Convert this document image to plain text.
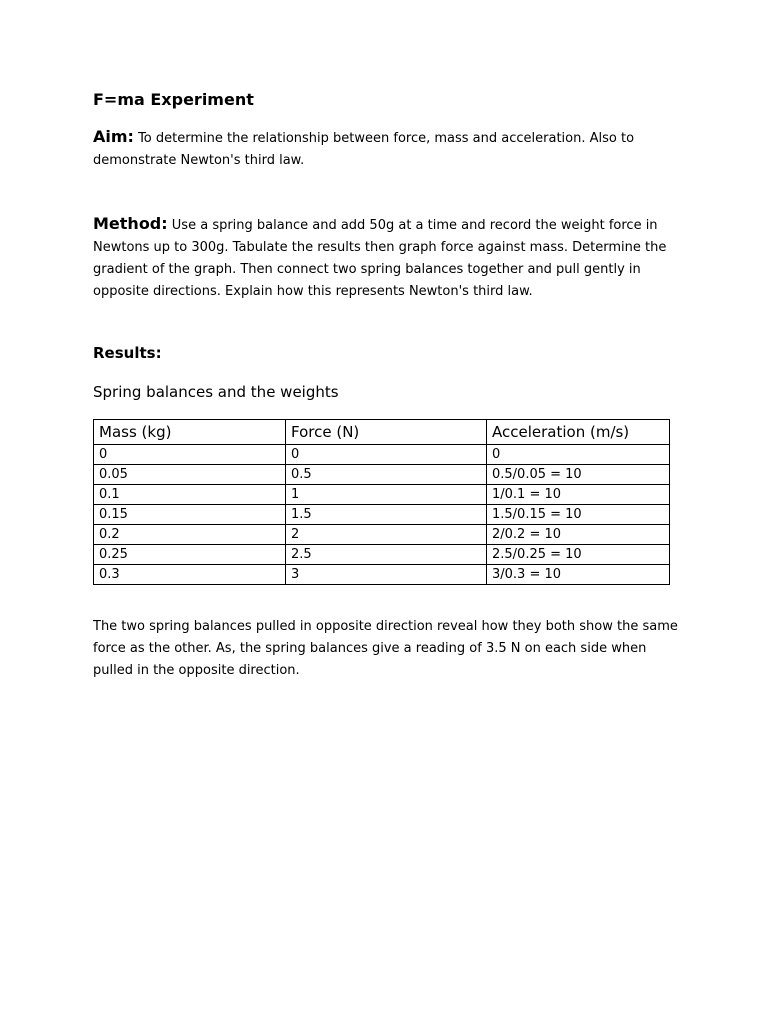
F=ma Experiment

Aim: To determine the relationship between force, mass and acceleration. Also to demonstrate Newton's third law.

Method: Use a spring balance and add 50g at a time and record the weight force in Newtons up to 300g. Tabulate the results then graph force against mass. Determine the gradient of the graph. Then connect two spring balances together and pull gently in opposite directions. Explain how this represents Newton's third law.

Results:

Spring balances and the weights

Mass (kg)	Force (N)	Acceleration (m/s)
0	0	0
0.05	0.5	0.5/0.05 = 10
0.1	1	1/0.1 = 10
0.15	1.5	1.5/0.15 = 10
0.2	2	2/0.2 = 10
0.25	2.5	2.5/0.25 = 10
0.3	3	3/0.3 = 10

The two spring balances pulled in opposite direction reveal how they both show the same force as the other. As, the spring balances give a reading of 3.5 N on each side when pulled in the opposite direction.
